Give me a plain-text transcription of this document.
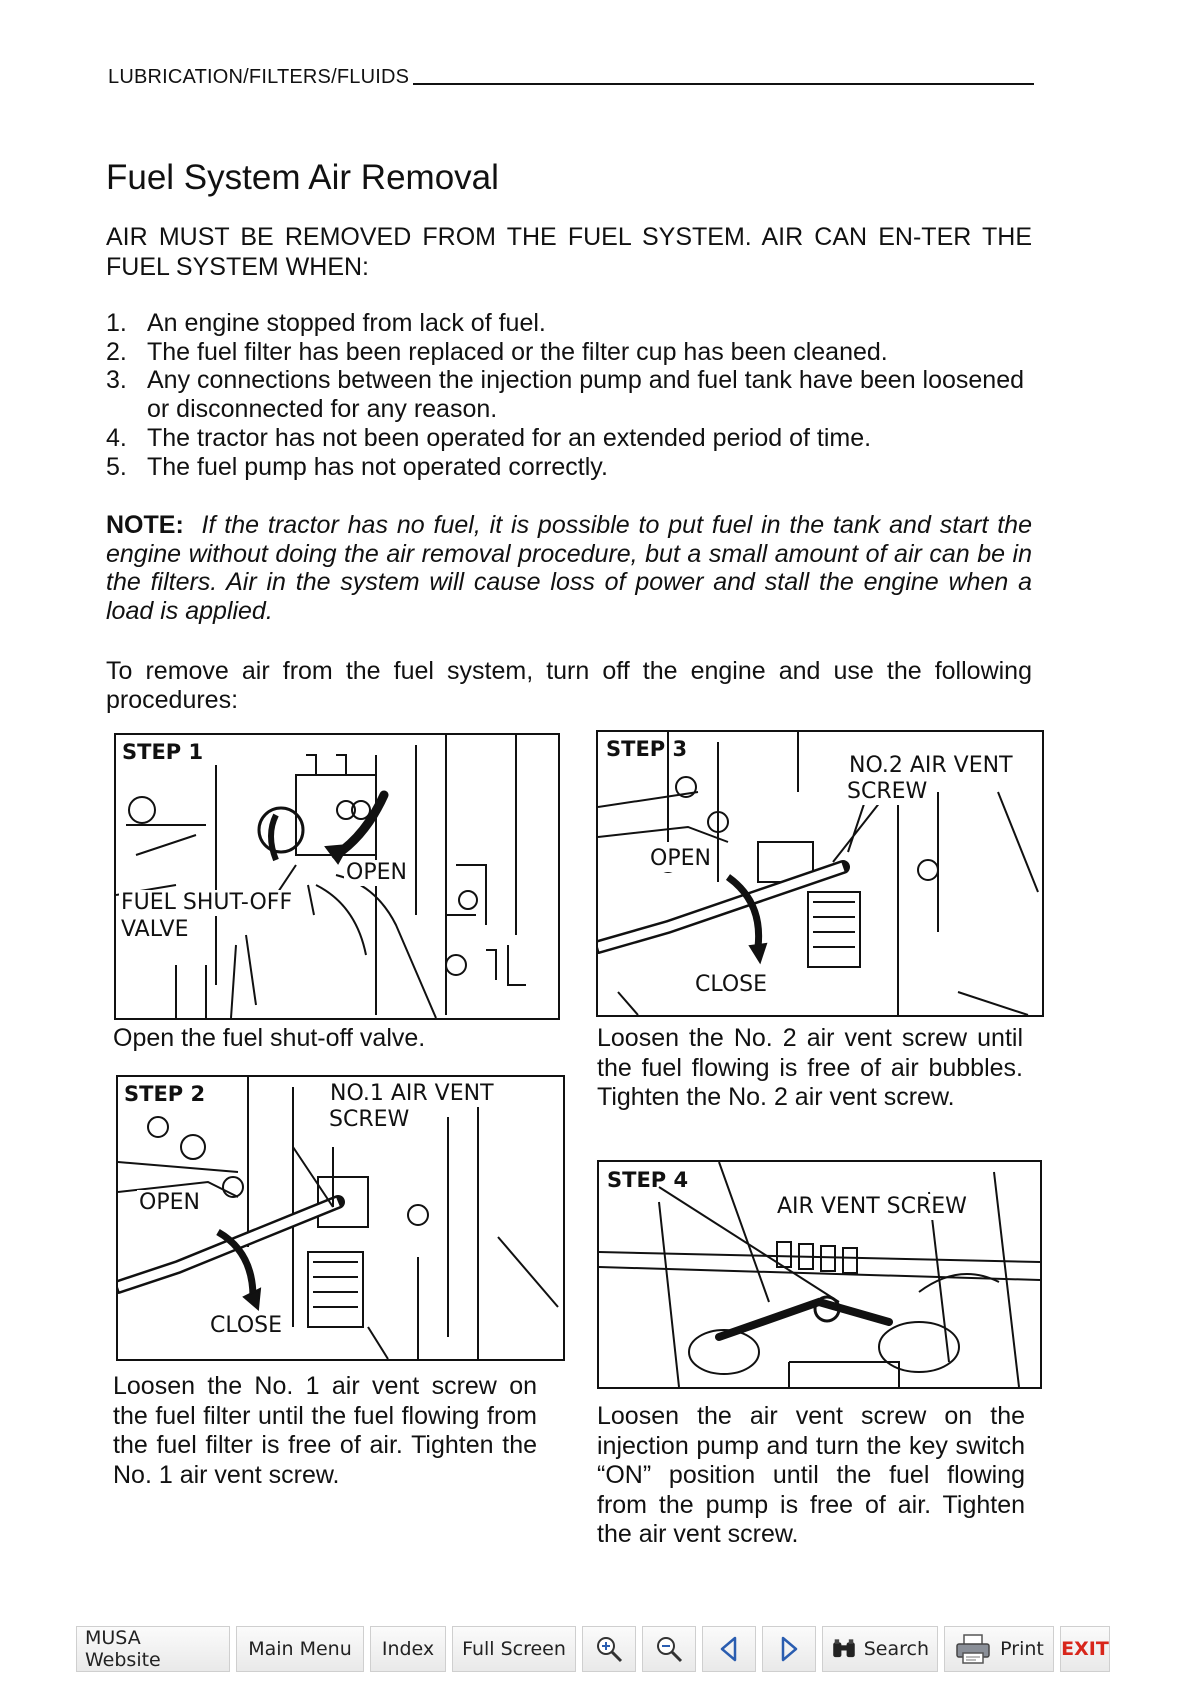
LUBRICATION/FILTERS/FLUIDS
Fuel System Air Removal

AIR MUST BE REMOVED FROM THE FUEL SYSTEM. AIR CAN EN-TER THE FUEL SYSTEM WHEN:

1. An engine stopped from lack of fuel.
2. The fuel filter has been replaced or the filter cup has been cleaned.
3. Any connections between the injection pump and fuel tank have been loosened or disconnected for any reason.
4. The tractor has not been operated for an extended period of time.
5. The fuel pump has not operated correctly.

NOTE: If the tractor has no fuel, it is possible to put fuel in the tank and start the engine without doing the air removal procedure, but a small amount of air can be in the filters. Air in the system will cause loss of power and stall the engine when a load is applied.

To remove air from the fuel system, turn off the engine and use the following procedures:

STEP 1
OPEN
FUEL SHUT-OFF
VALVE

Open the fuel shut-off valve.

STEP 2	NO.1 AIR VENT
SCREW
OPEN
CLOSE

Loosen the No. 1 air vent screw on the fuel filter until the fuel flowing from the fuel filter is free of air. Tighten the No. 1 air vent screw.

STEP 3
NO.2 AIR VENT
SCREW
OPEN
CLOSE

Loosen the No. 2 air vent screw until the fuel flowing is free of air bubbles. Tighten the No. 2 air vent screw.

STEP 4
AIR VENT SCREW

Loosen the air vent screw on the injection pump and turn the key switch “ON” position until the fuel flowing from the pump is free of air. Tighten the air vent screw.

MUSA Website	Main Menu	Index	Full Screen	Search	Print EXIT
